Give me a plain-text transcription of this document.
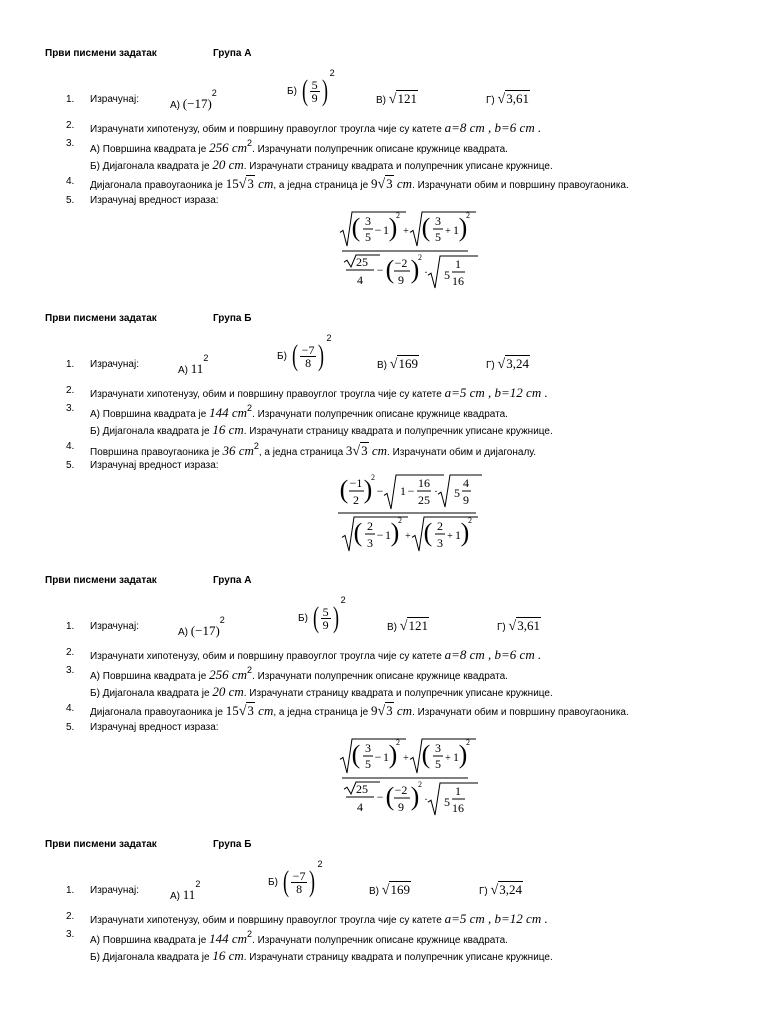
Први писмени задатак	Група А
1. Израчунај:
А) (−17)2	Б) ( $\frac{5}{9} )2$
В) √121	Г) √3,61
2. Израчунати хипотенузу, обим и површину правоуглог троугла чије су катете a=8 cm , b=6 cm .
3.
А) Површина квадрата је 256 cm2. Израчунати полупречник описане кружнице квадрата.
Б) Дијагонала квадрата је 20 cm. Израчунати страницу квадрата и полупречник уписане кружнице.
4. Дијагонала правоугаоника је 15√3 cm, а једна страница је 9√3 cm. Израчунати обим и површину правоугаоника.
5. Израчунај вредност израза:
( 3
5 − 1 )
2
+ ( 3
5 + 1 )
2
25
4
− ( −2
9 )
2
· 5
1
16
Први писмени задатак	Група Б
1. Израчунај:
А) 112	Б) ( $\frac{-7}{8} )2$
В) √169	Г) √3,24
2. Израчунати хипотенузу, обим и површину правоуглог троугла чије су катете a=5 cm , b=12 cm .
3.
А) Површина квадрата је 144 cm2. Израчунати полупречник описане кружнице квадрата.
Б) Дијагонала квадрата је 16 cm. Израчунати страницу квадрата и полупречник уписане кружнице.
4.
Површина правоугаоника је 36 cm2, а једна страница 3√3 cm. Израчунати обим и дијагоналу.
5. Израчунај вредност израза:
( −1
2 )
2
− 1 −
16
25
· 5
4
9
( 2
3
− 1 )
2
+ ( 2
3 + 1 )
2
Први писмени задатак	Група А
1. Израчунај:
А) (−17)2	Б) ( $\frac{5}{9} )2$
В) √121	Г) √3,61
2. Израчунати хипотенузу, обим и површину правоуглог троугла чије су катете a=8 cm , b=6 cm .
3.
А) Површина квадрата је 256 cm2. Израчунати полупречник описане кружнице квадрата.
Б) Дијагонала квадрата је 20 cm. Израчунати страницу квадрата и полупречник уписане кружнице.
4. Дијагонала правоугаоника је 15√3 cm, а једна страница је 9√3 cm. Израчунати обим и површину правоугаоника.
5. Израчунај вредност израза:
( 3
5 − 1 )
2
+ ( 3
5 + 1 )
2
25
4
− ( −2
9 )
2
· 5
1
16
Први писмени задатак	Група Б
1. Израчунај:
А) 112	Б) ( $\frac{-7}{8} )2$
В) √169	Г) √3,24
2. Израчунати хипотенузу, обим и површину правоуглог троугла чије су катете a=5 cm , b=12 cm .
3.
А) Површина квадрата је 144 cm2. Израчунати полупречник описане кружнице квадрата.
Б) Дијагонала квадрата је 16 cm. Израчунати страницу квадрата и полупречник уписане кружнице.
